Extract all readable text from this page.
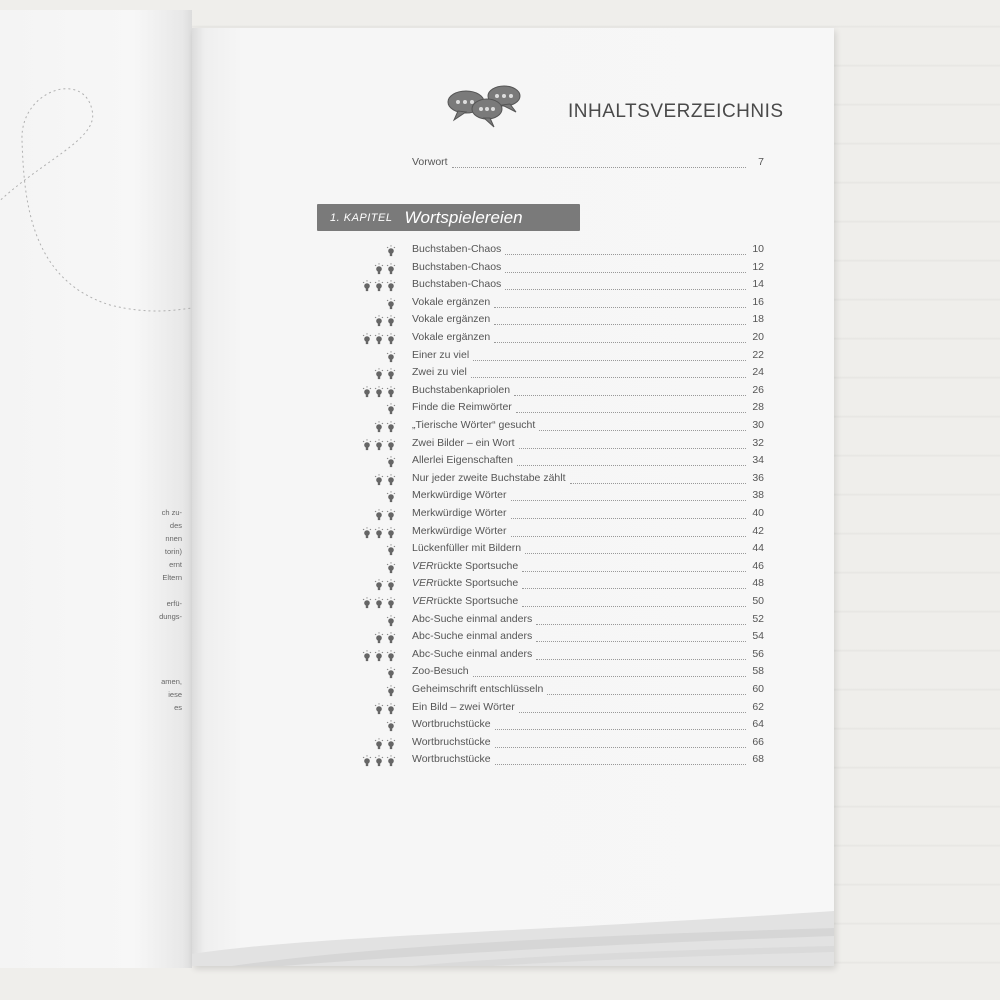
ch zu-
des
nnen
torin)
ernt
Eltern
erfü-
dungs-
amen,
iese
es
INHALTSVERZEICHNIS
Vorwort	7
1. KAPITEL Wortspielereien
Buchstaben-Chaos	10
Buchstaben-Chaos	12
Buchstaben-Chaos	14
Vokale ergänzen	16
Vokale ergänzen	18
Vokale ergänzen	20
Einer zu viel	22
Zwei zu viel	24
Buchstabenkapriolen	26
Finde die Reimwörter	28
„Tierische Wörter“ gesucht	30
Zwei Bilder – ein Wort	32
Allerlei Eigenschaften	34
Nur jeder zweite Buchstabe zählt	36
Merkwürdige Wörter	38
Merkwürdige Wörter	40
Merkwürdige Wörter	42
Lückenfüller mit Bildern	44
VERrückte Sportsuche	46
VERrückte Sportsuche	48
VERrückte Sportsuche	50
Abc-Suche einmal anders	52
Abc-Suche einmal anders	54
Abc-Suche einmal anders	56
Zoo-Besuch	58
Geheimschrift entschlüsseln	60
Ein Bild – zwei Wörter	62
Wortbruchstücke	64
Wortbruchstücke	66
Wortbruchstücke	68
